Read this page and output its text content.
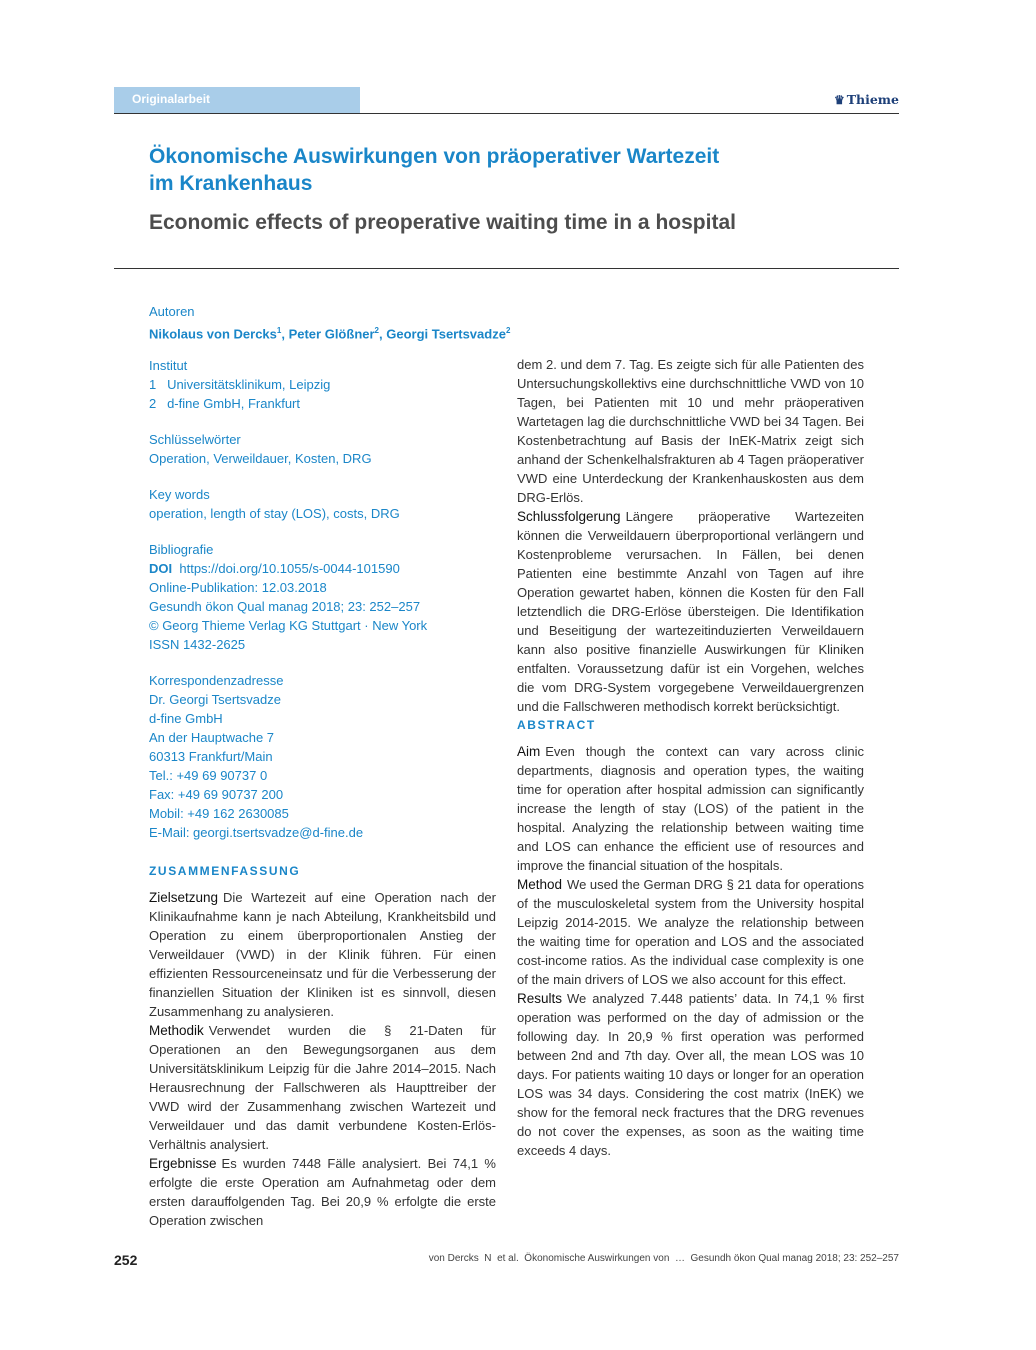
Originalarbeit	♛ Thieme
Ökonomische Auswirkungen von präoperativer Wartezeit
im Krankenhaus
Economic effects of preoperative waiting time in a hospital
Autoren
Nikolaus von Dercks$^1$, Peter Glößner$^2$, Georgi Tsertsvadze$^2$
Institut
1   Universitätsklinikum, Leipzig
2   d-fine GmbH, Frankfurt
Schlüsselwörter
Operation, Verweildauer, Kosten, DRG
Key words
operation, length of stay (LOS), costs, DRG
Bibliografie
DOI https://doi.org/10.1055/s-0044-101590
Online-Publikation: 12.03.2018
Gesundh ökon Qual manag 2018; 23: 252–257
© Georg Thieme Verlag KG Stuttgart · New York
ISSN 1432-2625
Korrespondenzadresse
Dr. Georgi Tsertsvadze
d-fine GmbH
An der Hauptwache 7
60313 Frankfurt/Main
Tel.: +49 69 90737 0
Fax: +49 69 90737 200
Mobil: +49 162 2630085
E-Mail: georgi.tsertsvadze@d-fine.de
ZUSAMMENFASSUNG

Zielsetzung Die Wartezeit auf eine Operation nach der Klinikaufnahme kann je nach Abteilung, Krankheitsbild und Operation zu einem überproportionalen Anstieg der Verweildauer (VWD) in der Klinik führen. Für einen effizienten Ressourceneinsatz und für die Verbesserung der finanziellen Situation der Kliniken ist es sinnvoll, diesen Zusammenhang zu analysieren.

Methodik Verwendet wurden die § 21-Daten für Operationen an den Bewegungsorganen aus dem Universitätsklinikum Leipzig für die Jahre 2014–2015. Nach Herausrechnung der Fallschweren als Haupttreiber der VWD wird der Zusammenhang zwischen Wartezeit und Verweildauer und das damit verbundene Kosten-Erlös-Verhältnis analysiert.

Ergebnisse Es wurden 7448 Fälle analysiert. Bei 74,1 % erfolgte die erste Operation am Aufnahmetag oder dem ersten darauffolgenden Tag. Bei 20,9 % erfolgte die erste Operation zwischen

dem 2. und dem 7. Tag. Es zeigte sich für alle Patienten des Untersuchungskollektivs eine durchschnittliche VWD von 10 Tagen, bei Patienten mit 10 und mehr präoperativen Wartetagen lag die durchschnittliche VWD bei 34 Tagen. Bei Kostenbetrachtung auf Basis der InEK-Matrix zeigt sich anhand der Schenkelhalsfrakturen ab 4 Tagen präoperativer VWD eine Unterdeckung der Krankenhauskosten aus dem DRG-Erlös.

Schlussfolgerung Längere präoperative Wartezeiten können die Verweildauern überproportional verlängern und Kostenprobleme verursachen. In Fällen, bei denen Patienten eine bestimmte Anzahl von Tagen auf ihre Operation gewartet haben, können die Kosten für den Fall letztendlich die DRG-Erlöse übersteigen. Die Identifikation und Beseitigung der wartezeitinduzierten Verweildauern kann also positive finanzielle Auswirkungen für Kliniken entfalten. Voraussetzung dafür ist ein Vorgehen, welches die vom DRG-System vorgegebene Verweildauergrenzen und die Fallschweren methodisch korrekt berücksichtigt.

ABSTRACT

Aim Even though the context can vary across clinic departments, diagnosis and operation types, the waiting time for operation after hospital admission can significantly increase the length of stay (LOS) of the patient in the hospital. Analyzing the relationship between waiting time and LOS can enhance the efficient use of resources and improve the financial situation of the hospitals.

Method We used the German DRG § 21 data for operations of the musculoskeletal system from the University hospital Leipzig 2014-2015. We analyze the relationship between the waiting time for operation and LOS and the associated cost-income ratios. As the individual case complexity is one of the main drivers of LOS we also account for this effect.

Results We analyzed 7.448 patients’ data. In 74,1 % first operation was performed on the day of admission or the following day. In 20,9 % first operation was performed between 2nd and 7th day. Over all, the mean LOS was 10 days. For patients waiting 10 days or longer for an operation LOS was 34 days. Considering the cost matrix (InEK) we show for the femoral neck fractures that the DRG revenues do not cover the expenses, as soon as the waiting time exceeds 4 days.

252	von Dercks  N  et al.  Ökonomische Auswirkungen von  …  Gesundh ökon Qual manag 2018; 23: 252–257
